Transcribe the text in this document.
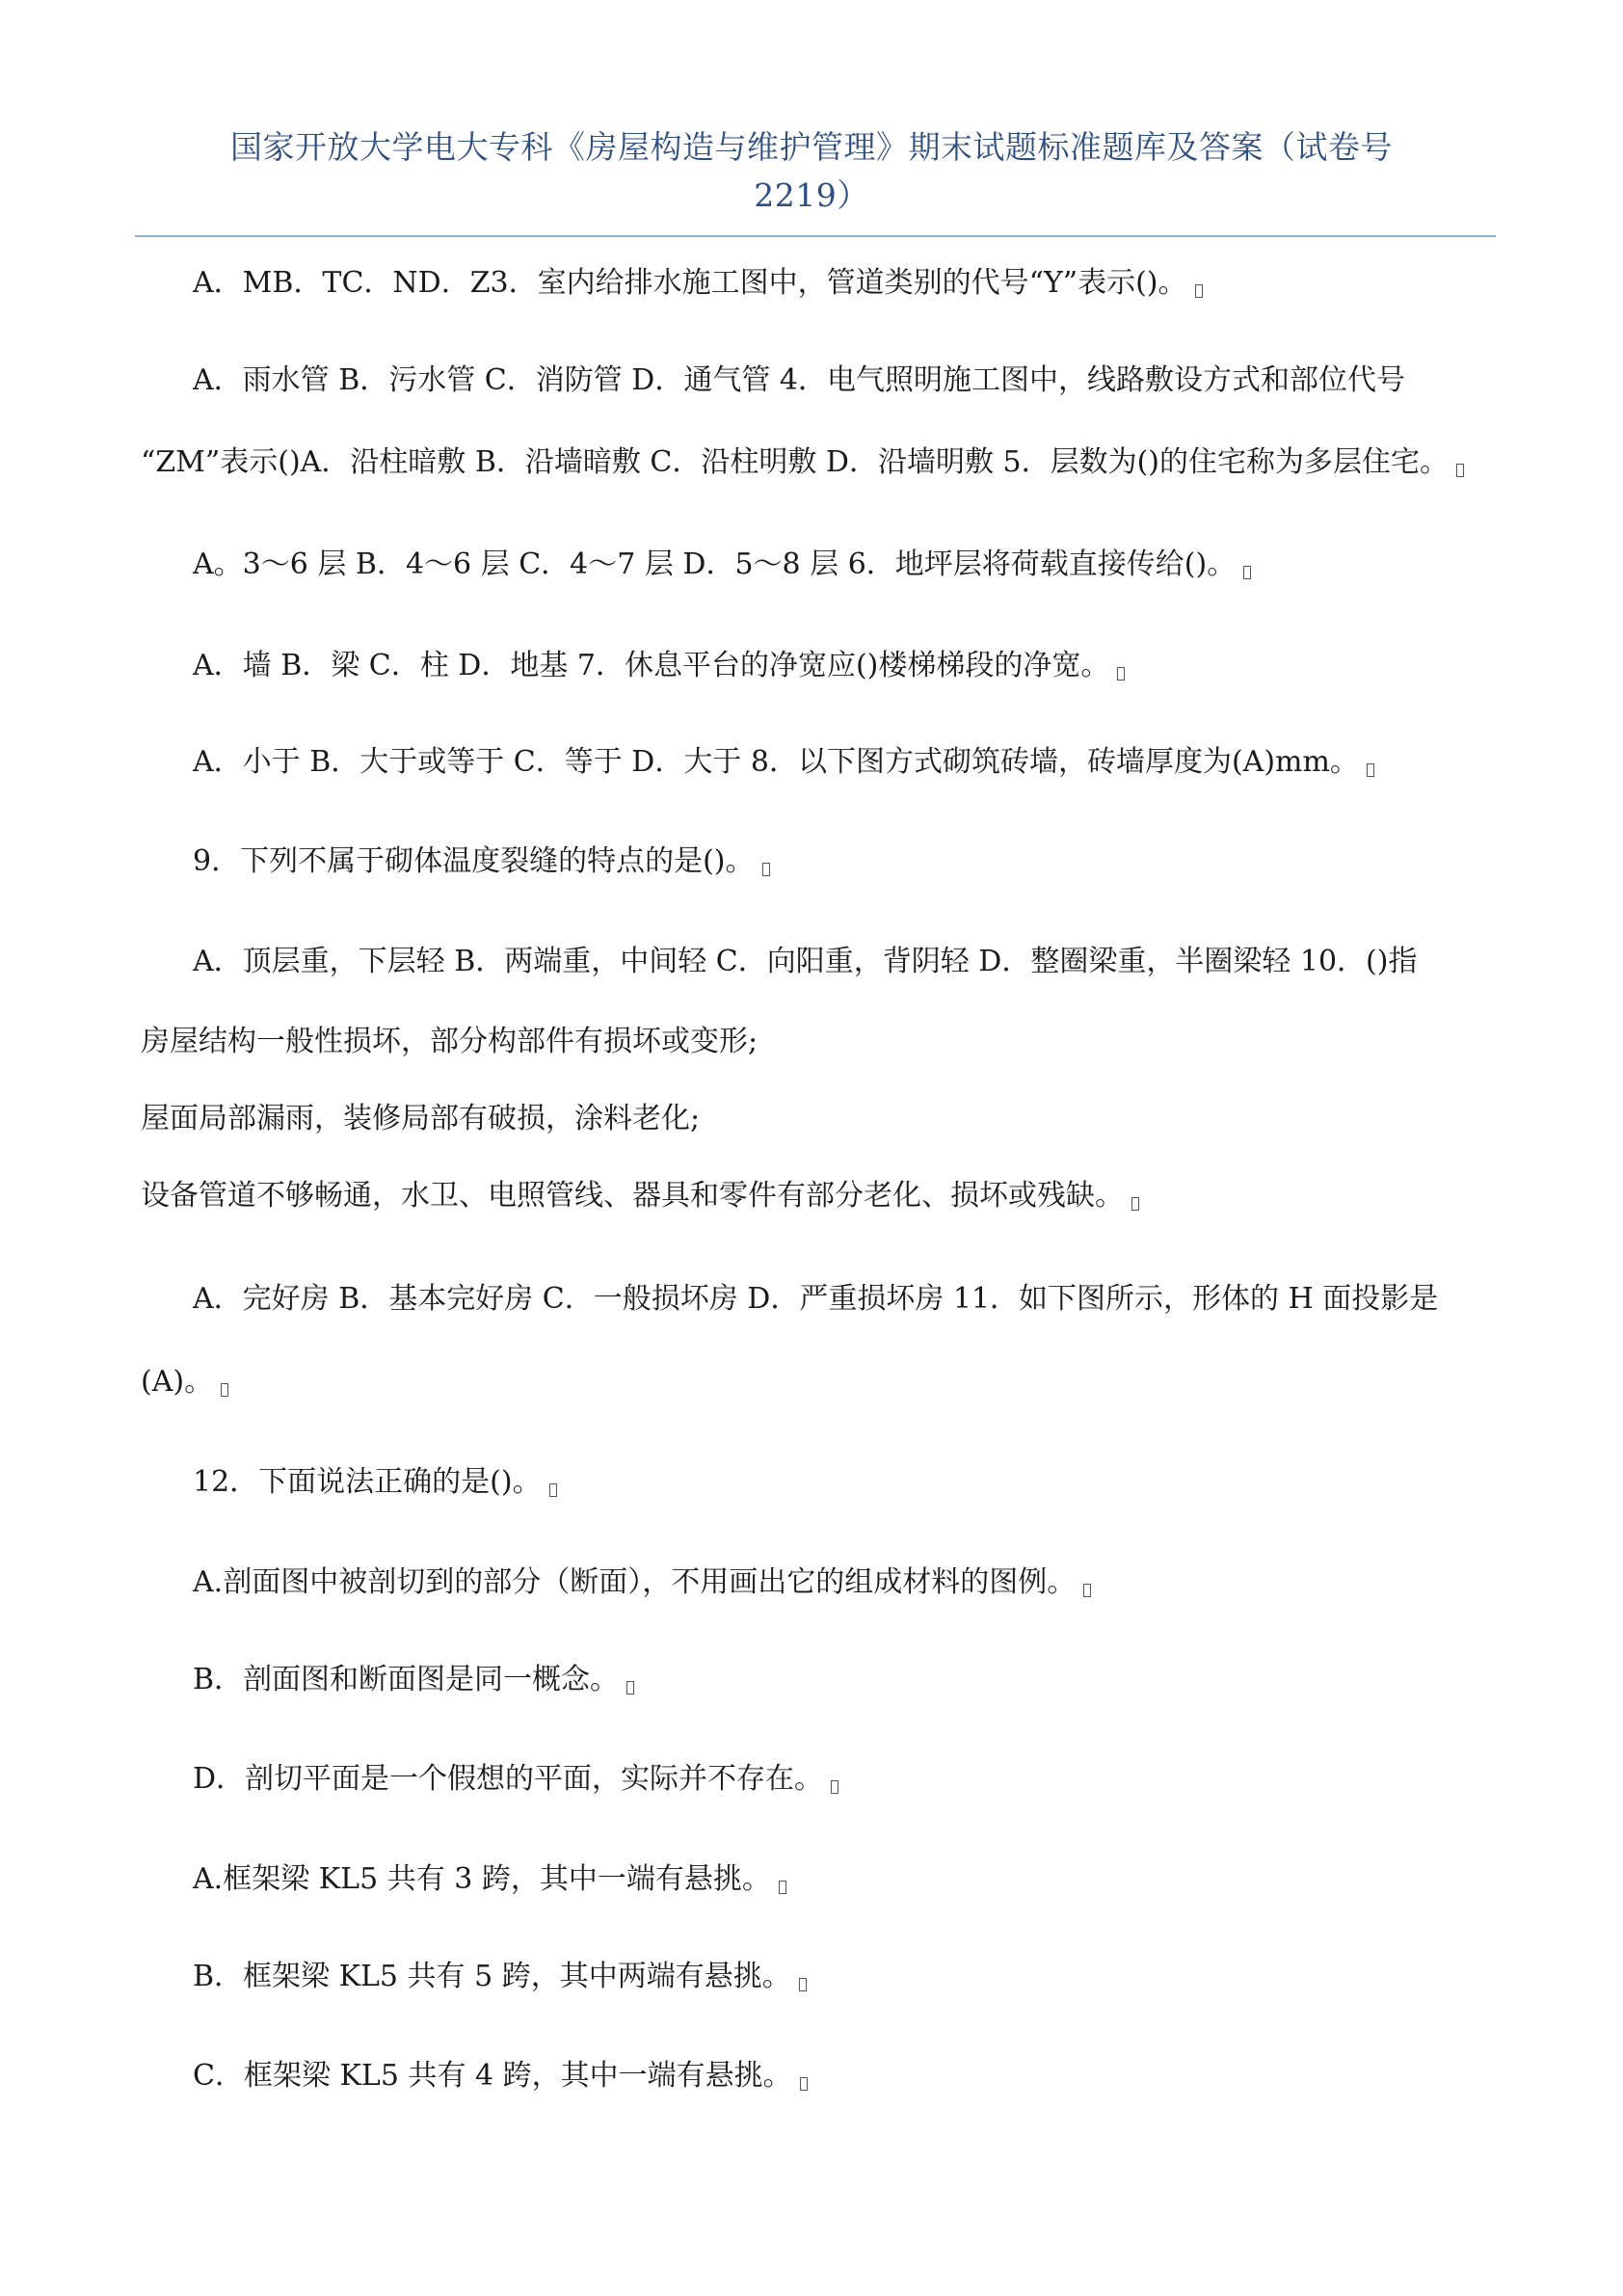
国家开放大学电大专科《房屋构造与维护管理》期末试题标准题库及答案（试卷号
2219）
A．MB．TC．ND．Z3．室内给排水施工图中，管道类别的代号“Y”表示()。
A．雨水管 B．污水管 C．消防管 D．通气管 4．电气照明施工图中，线路敷设方式和部位代号
“ZM”表示()A．沿柱暗敷 B．沿墙暗敷 C．沿柱明敷 D．沿墙明敷 5．层数为()的住宅称为多层住宅。
A。3～6 层 B．4～6 层 C．4～7 层 D．5～8 层 6．地坪层将荷载直接传给()。
A．墙 B．梁 C．柱 D．地基 7．休息平台的净宽应()楼梯梯段的净宽。
A．小于 B．大于或等于 C．等于 D．大于 8．以下图方式砌筑砖墙，砖墙厚度为(A)mm。
9．下列不属于砌体温度裂缝的特点的是()。
A．顶层重，下层轻 B．两端重，中间轻 C．向阳重，背阴轻 D．整圈梁重，半圈梁轻 10．()指
房屋结构一般性损坏，部分构部件有损坏或变形;
屋面局部漏雨，装修局部有破损，涂料老化;
设备管道不够畅通，水卫、电照管线、器具和零件有部分老化、损坏或残缺。
A．完好房 B．基本完好房 C．一般损坏房 D．严重损坏房 11．如下图所示，形体的 H 面投影是
(A)。
12．下面说法正确的是()。
A.剖面图中被剖切到的部分（断面），不用画出它的组成材料的图例。
B．剖面图和断面图是同一概念。
D．剖切平面是一个假想的平面，实际并不存在。
A.框架梁 KL5 共有 3 跨，其中一端有悬挑。
B．框架梁 KL5 共有 5 跨，其中两端有悬挑。
C．框架梁 KL5 共有 4 跨，其中一端有悬挑。
